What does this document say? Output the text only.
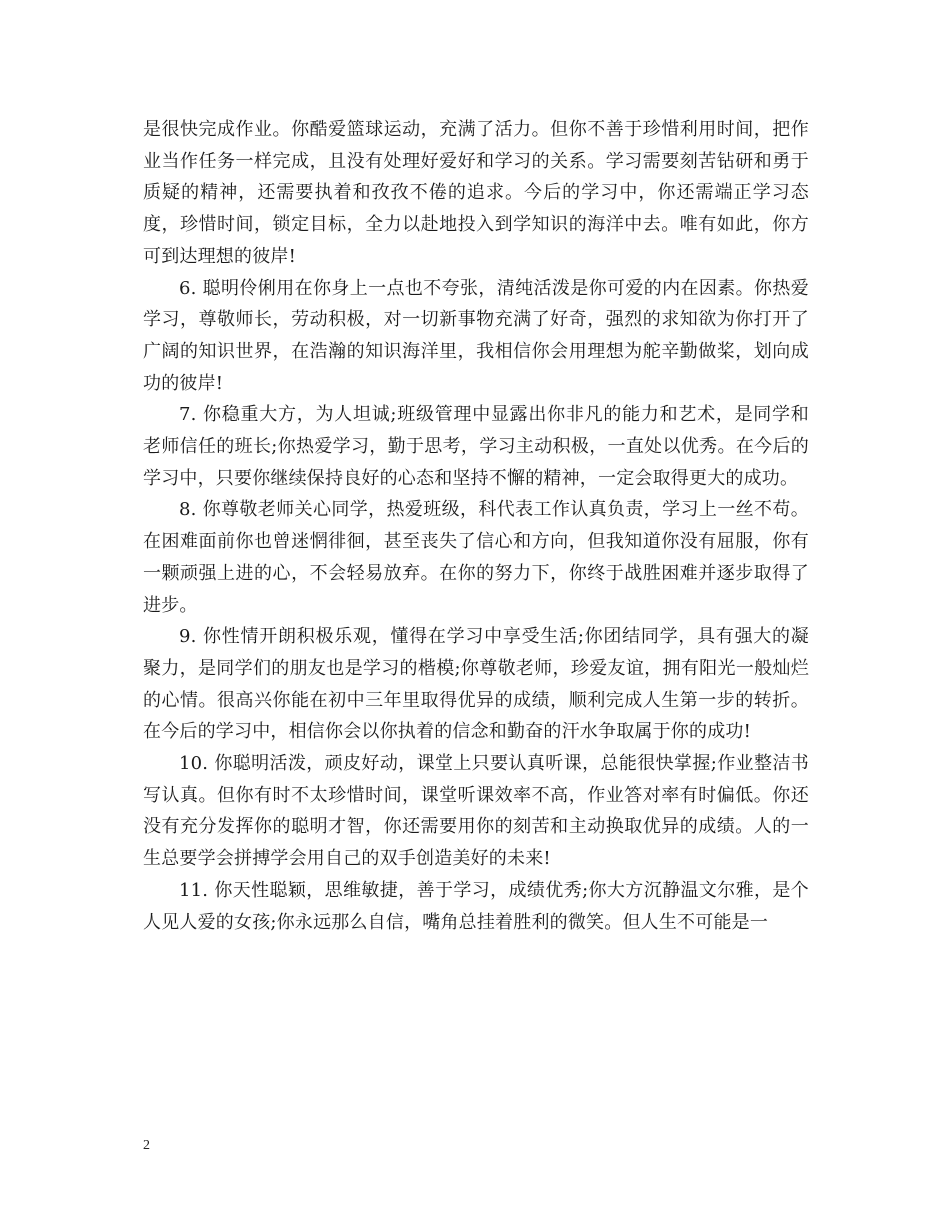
是很快完成作业。你酷爱篮球运动，充满了活力。但你不善于珍惜利用时间，把作业当作任务一样完成，且没有处理好爱好和学习的关系。学习需要刻苦钻研和勇于质疑的精神，还需要执着和孜孜不倦的追求。今后的学习中，你还需端正学习态度，珍惜时间，锁定目标，全力以赴地投入到学知识的海洋中去。唯有如此，你方可到达理想的彼岸!

6. 聪明伶俐用在你身上一点也不夸张，清纯活泼是你可爱的内在因素。你热爱学习，尊敬师长，劳动积极，对一切新事物充满了好奇，强烈的求知欲为你打开了广阔的知识世界，在浩瀚的知识海洋里，我相信你会用理想为舵辛勤做桨，划向成功的彼岸!

7. 你稳重大方，为人坦诚;班级管理中显露出你非凡的能力和艺术，是同学和老师信任的班长;你热爱学习，勤于思考，学习主动积极，一直处以优秀。在今后的学习中，只要你继续保持良好的心态和坚持不懈的精神，一定会取得更大的成功。

8. 你尊敬老师关心同学，热爱班级，科代表工作认真负责，学习上一丝不苟。在困难面前你也曾迷惘徘徊，甚至丧失了信心和方向，但我知道你没有屈服，你有一颗顽强上进的心，不会轻易放弃。在你的努力下，你终于战胜困难并逐步取得了进步。

9. 你性情开朗积极乐观，懂得在学习中享受生活;你团结同学，具有强大的凝聚力，是同学们的朋友也是学习的楷模;你尊敬老师，珍爱友谊，拥有阳光一般灿烂的心情。很高兴你能在初中三年里取得优异的成绩，顺利完成人生第一步的转折。在今后的学习中，相信你会以你执着的信念和勤奋的汗水争取属于你的成功!

10. 你聪明活泼，顽皮好动，课堂上只要认真听课，总能很快掌握;作业整洁书写认真。但你有时不太珍惜时间，课堂听课效率不高，作业答对率有时偏低。你还没有充分发挥你的聪明才智，你还需要用你的刻苦和主动换取优异的成绩。人的一生总要学会拼搏学会用自己的双手创造美好的未来!

11. 你天性聪颖，思维敏捷，善于学习，成绩优秀;你大方沉静温文尔雅，是个人见人爱的女孩;你永远那么自信，嘴角总挂着胜利的微笑。但人生不可能是一

2
